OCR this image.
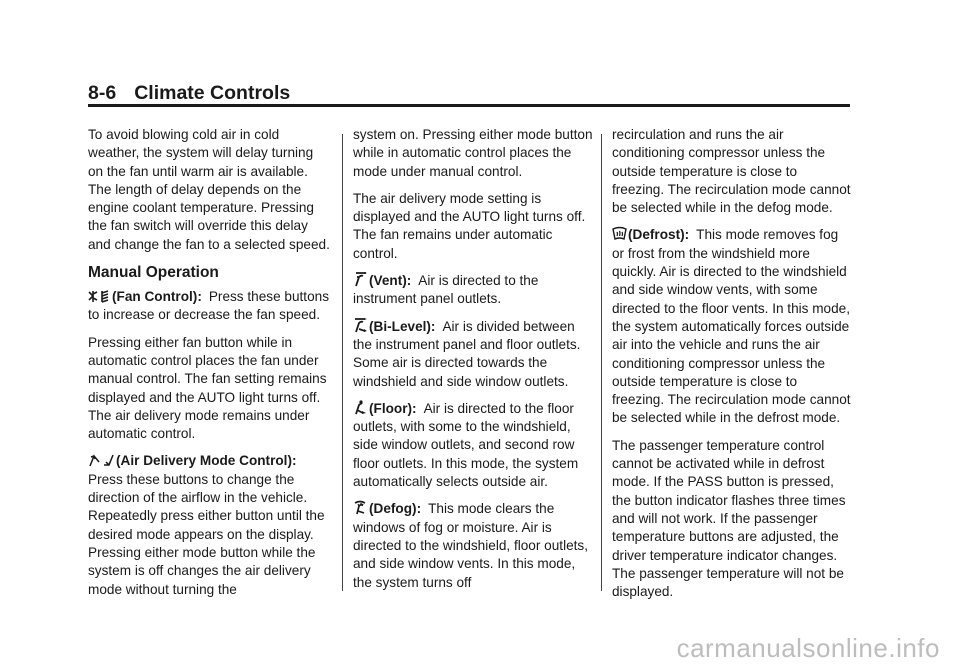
8-6 Climate Controls

To avoid blowing cold air in cold weather, the system will delay turning on the fan until warm air is available. The length of delay depends on the engine coolant temperature. Pressing the fan switch will override this delay and change the fan to a selected speed.

Manual Operation

(Fan Control): Press these buttons to increase or decrease the fan speed.

Pressing either fan button while in automatic control places the fan under manual control. The fan setting remains displayed and the AUTO light turns off. The air delivery mode remains under automatic control.

(Air Delivery Mode Control): Press these buttons to change the direction of the airflow in the vehicle. Repeatedly press either button until the desired mode appears on the display. Pressing either mode button while the system is off changes the air delivery mode without turning the

system on. Pressing either mode button while in automatic control places the mode under manual control.

The air delivery mode setting is displayed and the AUTO light turns off. The fan remains under automatic control.

(Vent): Air is directed to the instrument panel outlets.

(Bi-Level): Air is divided between the instrument panel and floor outlets. Some air is directed towards the windshield and side window outlets.

(Floor): Air is directed to the floor outlets, with some to the windshield, side window outlets, and second row floor outlets. In this mode, the system automatically selects outside air.

(Defog): This mode clears the windows of fog or moisture. Air is directed to the windshield, floor outlets, and side window vents. In this mode, the system turns off

recirculation and runs the air conditioning compressor unless the outside temperature is close to freezing. The recirculation mode cannot be selected while in the defog mode.

(Defrost): This mode removes fog or frost from the windshield more quickly. Air is directed to the windshield and side window vents, with some directed to the floor vents. In this mode, the system automatically forces outside air into the vehicle and runs the air conditioning compressor unless the outside temperature is close to freezing. The recirculation mode cannot be selected while in the defrost mode.

The passenger temperature control cannot be activated while in defrost mode. If the PASS button is pressed, the button indicator flashes three times and will not work. If the passenger temperature buttons are adjusted, the driver temperature indicator changes. The passenger temperature will not be displayed.

carmanualsonline.info
